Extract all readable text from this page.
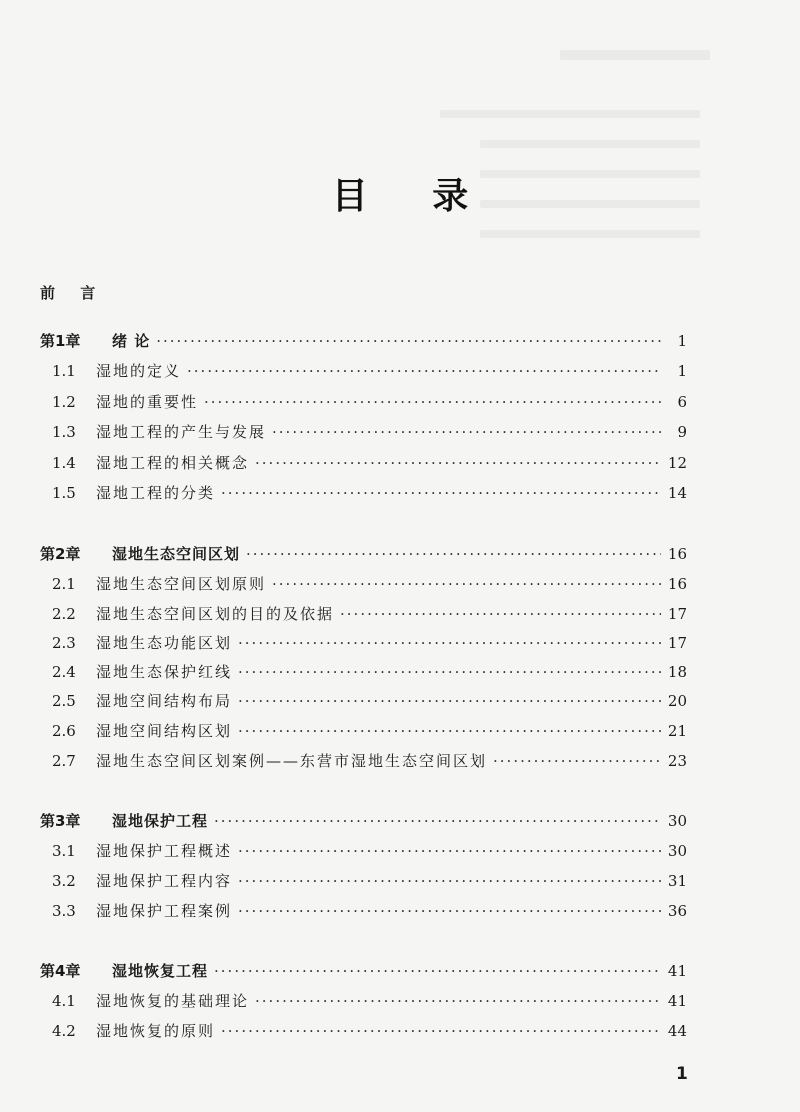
目 录
前 言
第1章	绪 论 ·····	1
1.1	湿地的定义 ·····	1
1.2	湿地的重要性 ·····	6
1.3	湿地工程的产生与发展 ·····	9
1.4	湿地工程的相关概念 ·····	12
1.5	湿地工程的分类 ·····	14
第2章	湿地生态空间区划 ·····	16
2.1	湿地生态空间区划原则 ·····	16
2.2	湿地生态空间区划的目的及依据 ·····	17
2.3	湿地生态功能区划 ·····	17
2.4	湿地生态保护红线 ·····	18
2.5	湿地空间结构布局 ·····	20
2.6	湿地空间结构区划 ·····	21
2.7	湿地生态空间区划案例——东营市湿地生态空间区划 ·····	23
第3章	湿地保护工程 ·····	30
3.1	湿地保护工程概述 ·····	30
3.2	湿地保护工程内容 ·····	31
3.3	湿地保护工程案例 ·····	36
第4章	湿地恢复工程 ·····	41
4.1	湿地恢复的基础理论 ·····	41
4.2	湿地恢复的原则 ·····	44
1
